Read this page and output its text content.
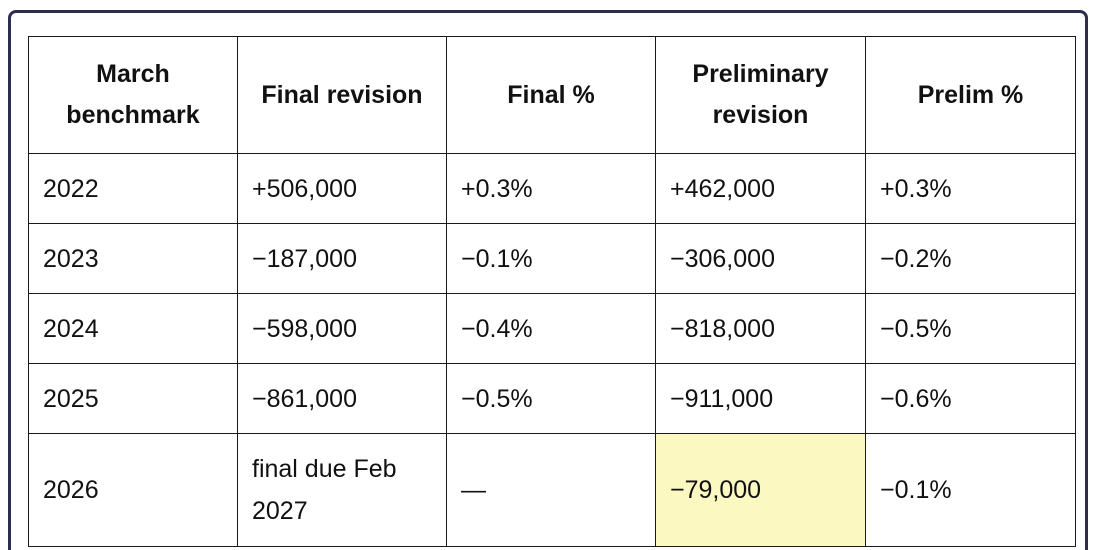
March benchmark	Final revision	Final %	Preliminary revision	Prelim %
2022	+506,000	+0.3%	+462,000	+0.3%
2023	−187,000	−0.1%	−306,000	−0.2%
2024	−598,000	−0.4%	−818,000	−0.5%
2025	−861,000	−0.5%	−911,000	−0.6%
2026	final due Feb 2027	—	−79,000	−0.1%
